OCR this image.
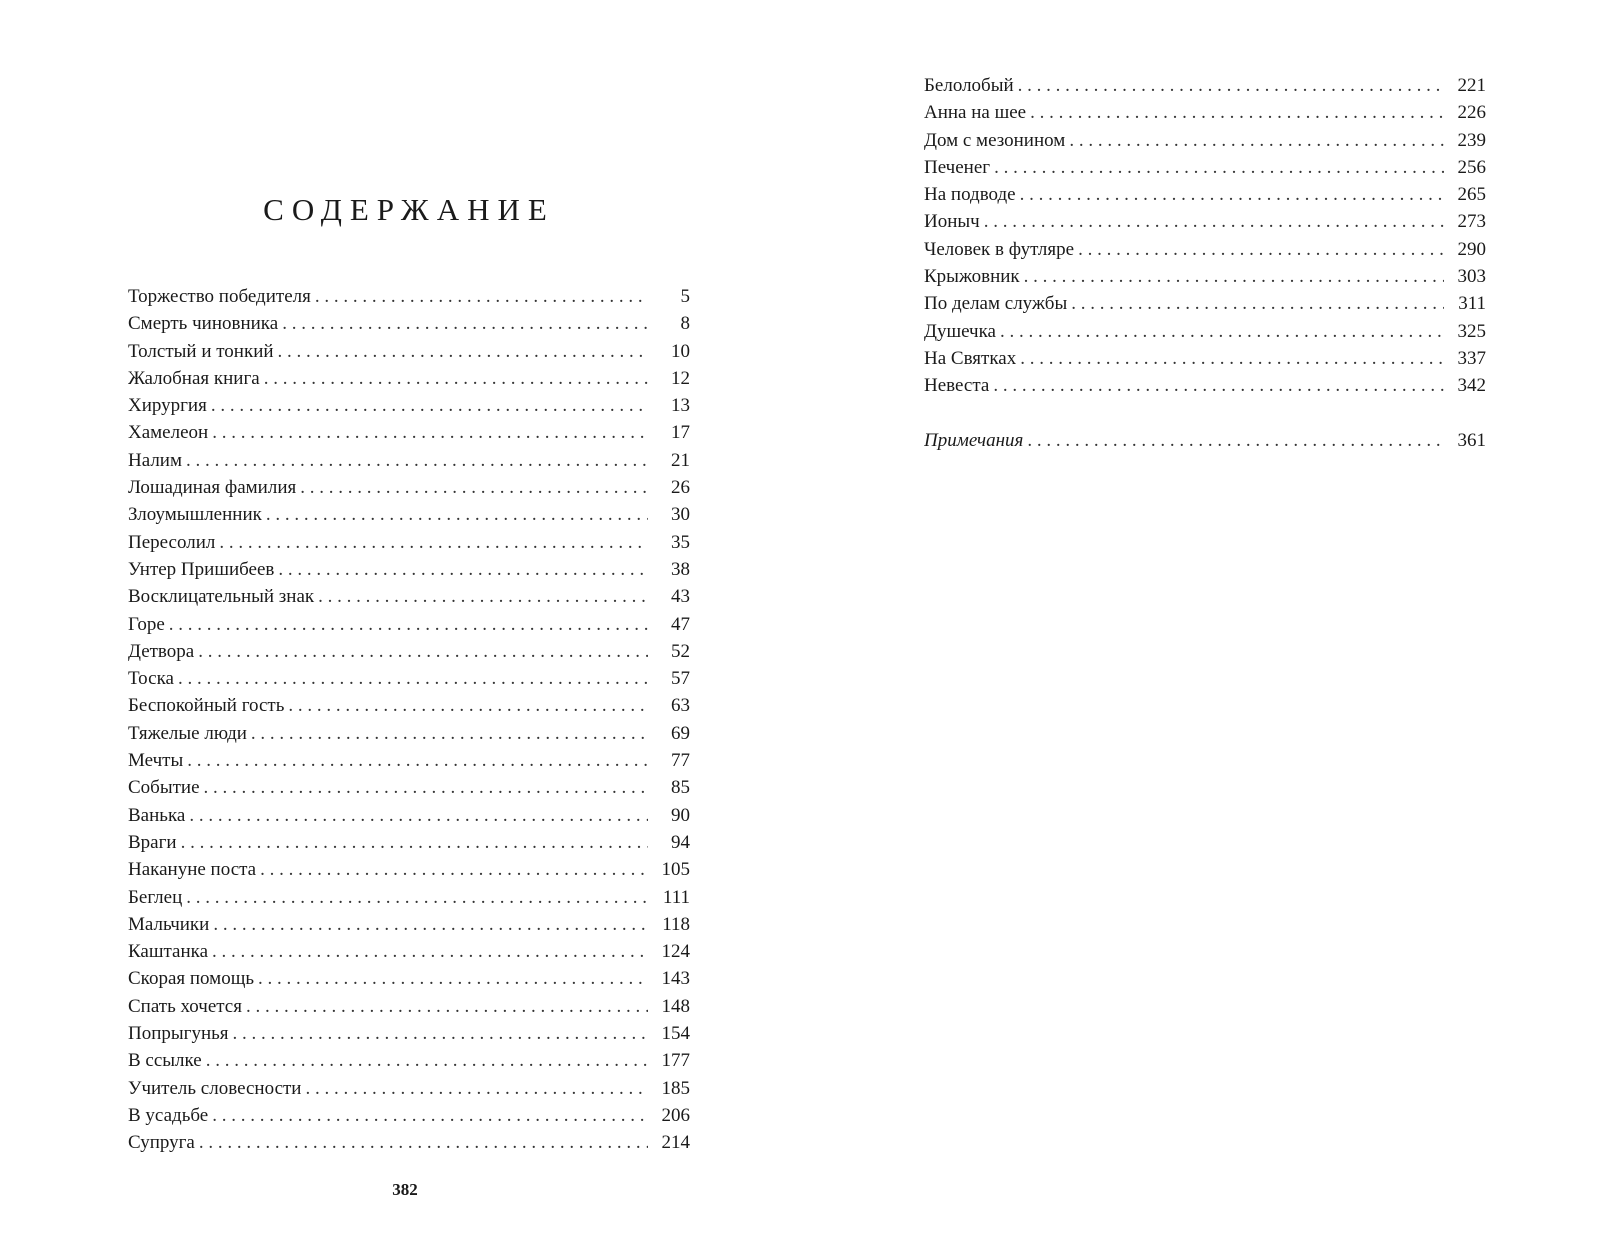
СОДЕРЖАНИЕ
Торжество победителя . . .	5
Смерть чиновника . . .	8
Толстый и тонкий . . .	10
Жалобная книга . . .	12
Хирургия . . .	13
Хамелеон . . .	17
Налим . . .	21
Лошадиная фамилия . . .	26
Злоумышленник . . .	30
Пересолил . . .	35
Унтер Пришибеев . . .	38
Восклицательный знак . . .	43
Горе . . .	47
Детвора . . .	52
Тоска . . .	57
Беспокойный гость . . .	63
Тяжелые люди . . .	69
Мечты . . .	77
Событие . . .	85
Ванька . . .	90
Враги . . .	94
Накануне поста . . .	105
Беглец . . .	111
Мальчики . . .	118
Каштанка . . .	124
Скорая помощь . . .	143
Спать хочется . . .	148
Попрыгунья . . .	154
В ссылке . . .	177
Учитель словесности . . .	185
В усадьбе . . .	206
Супруга . . .	214
382
Белолобый . . .	221
Анна на шее . . .	226
Дом с мезонином . . .	239
Печенег . . .	256
На подводе . . .	265
Ионыч . . .	273
Человек в футляре . . .	290
Крыжовник . . .	303
По делам службы . . .	311
Душечка . . .	325
На Святках . . .	337
Невеста . . .	342
Примечания . . .	361
